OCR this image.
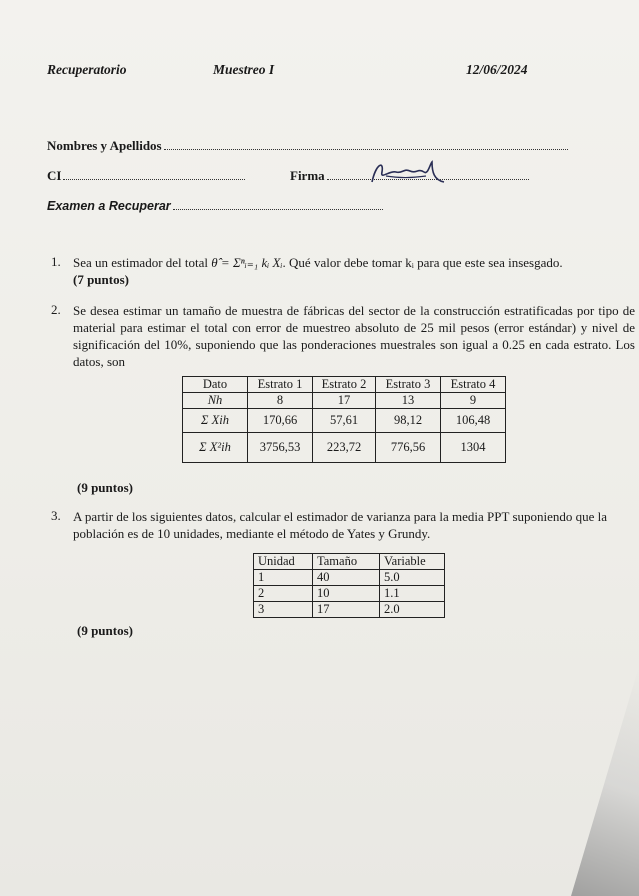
Recuperatorio	Muestreo I	12/06/2024
Nombres y Apellidos
CI	Firma
Examen a Recuperar
1. Sea un estimador del total θ̂ = Σⁿᵢ₌₁ kᵢ Xᵢ. Qué valor debe tomar kᵢ para que este sea insesgado.
(7 puntos)
2. Se desea estimar un tamaño de muestra de fábricas del sector de la construcción estratificadas por tipo de material para estimar el total con error de muestreo absoluto de 25 mil pesos (error estándar) y nivel de significación del 10%, suponiendo que las ponderaciones muestrales son igual a 0.25 en cada estrato. Los datos, son
Dato	Estrato 1	Estrato 2	Estrato 3	Estrato 4
Nh	8	17	13	9
Σ Xih	170,66	57,61	98,12	106,48
Σ X²ih	3756,53	223,72	776,56	1304
(9 puntos)
3. A partir de los siguientes datos, calcular el estimador de varianza para la media PPT suponiendo que la población es de 10 unidades, mediante el método de Yates y Grundy.
Unidad	Tamaño	Variable
1	40	5.0
2	10	1.1
3	17	2.0
(9 puntos)
